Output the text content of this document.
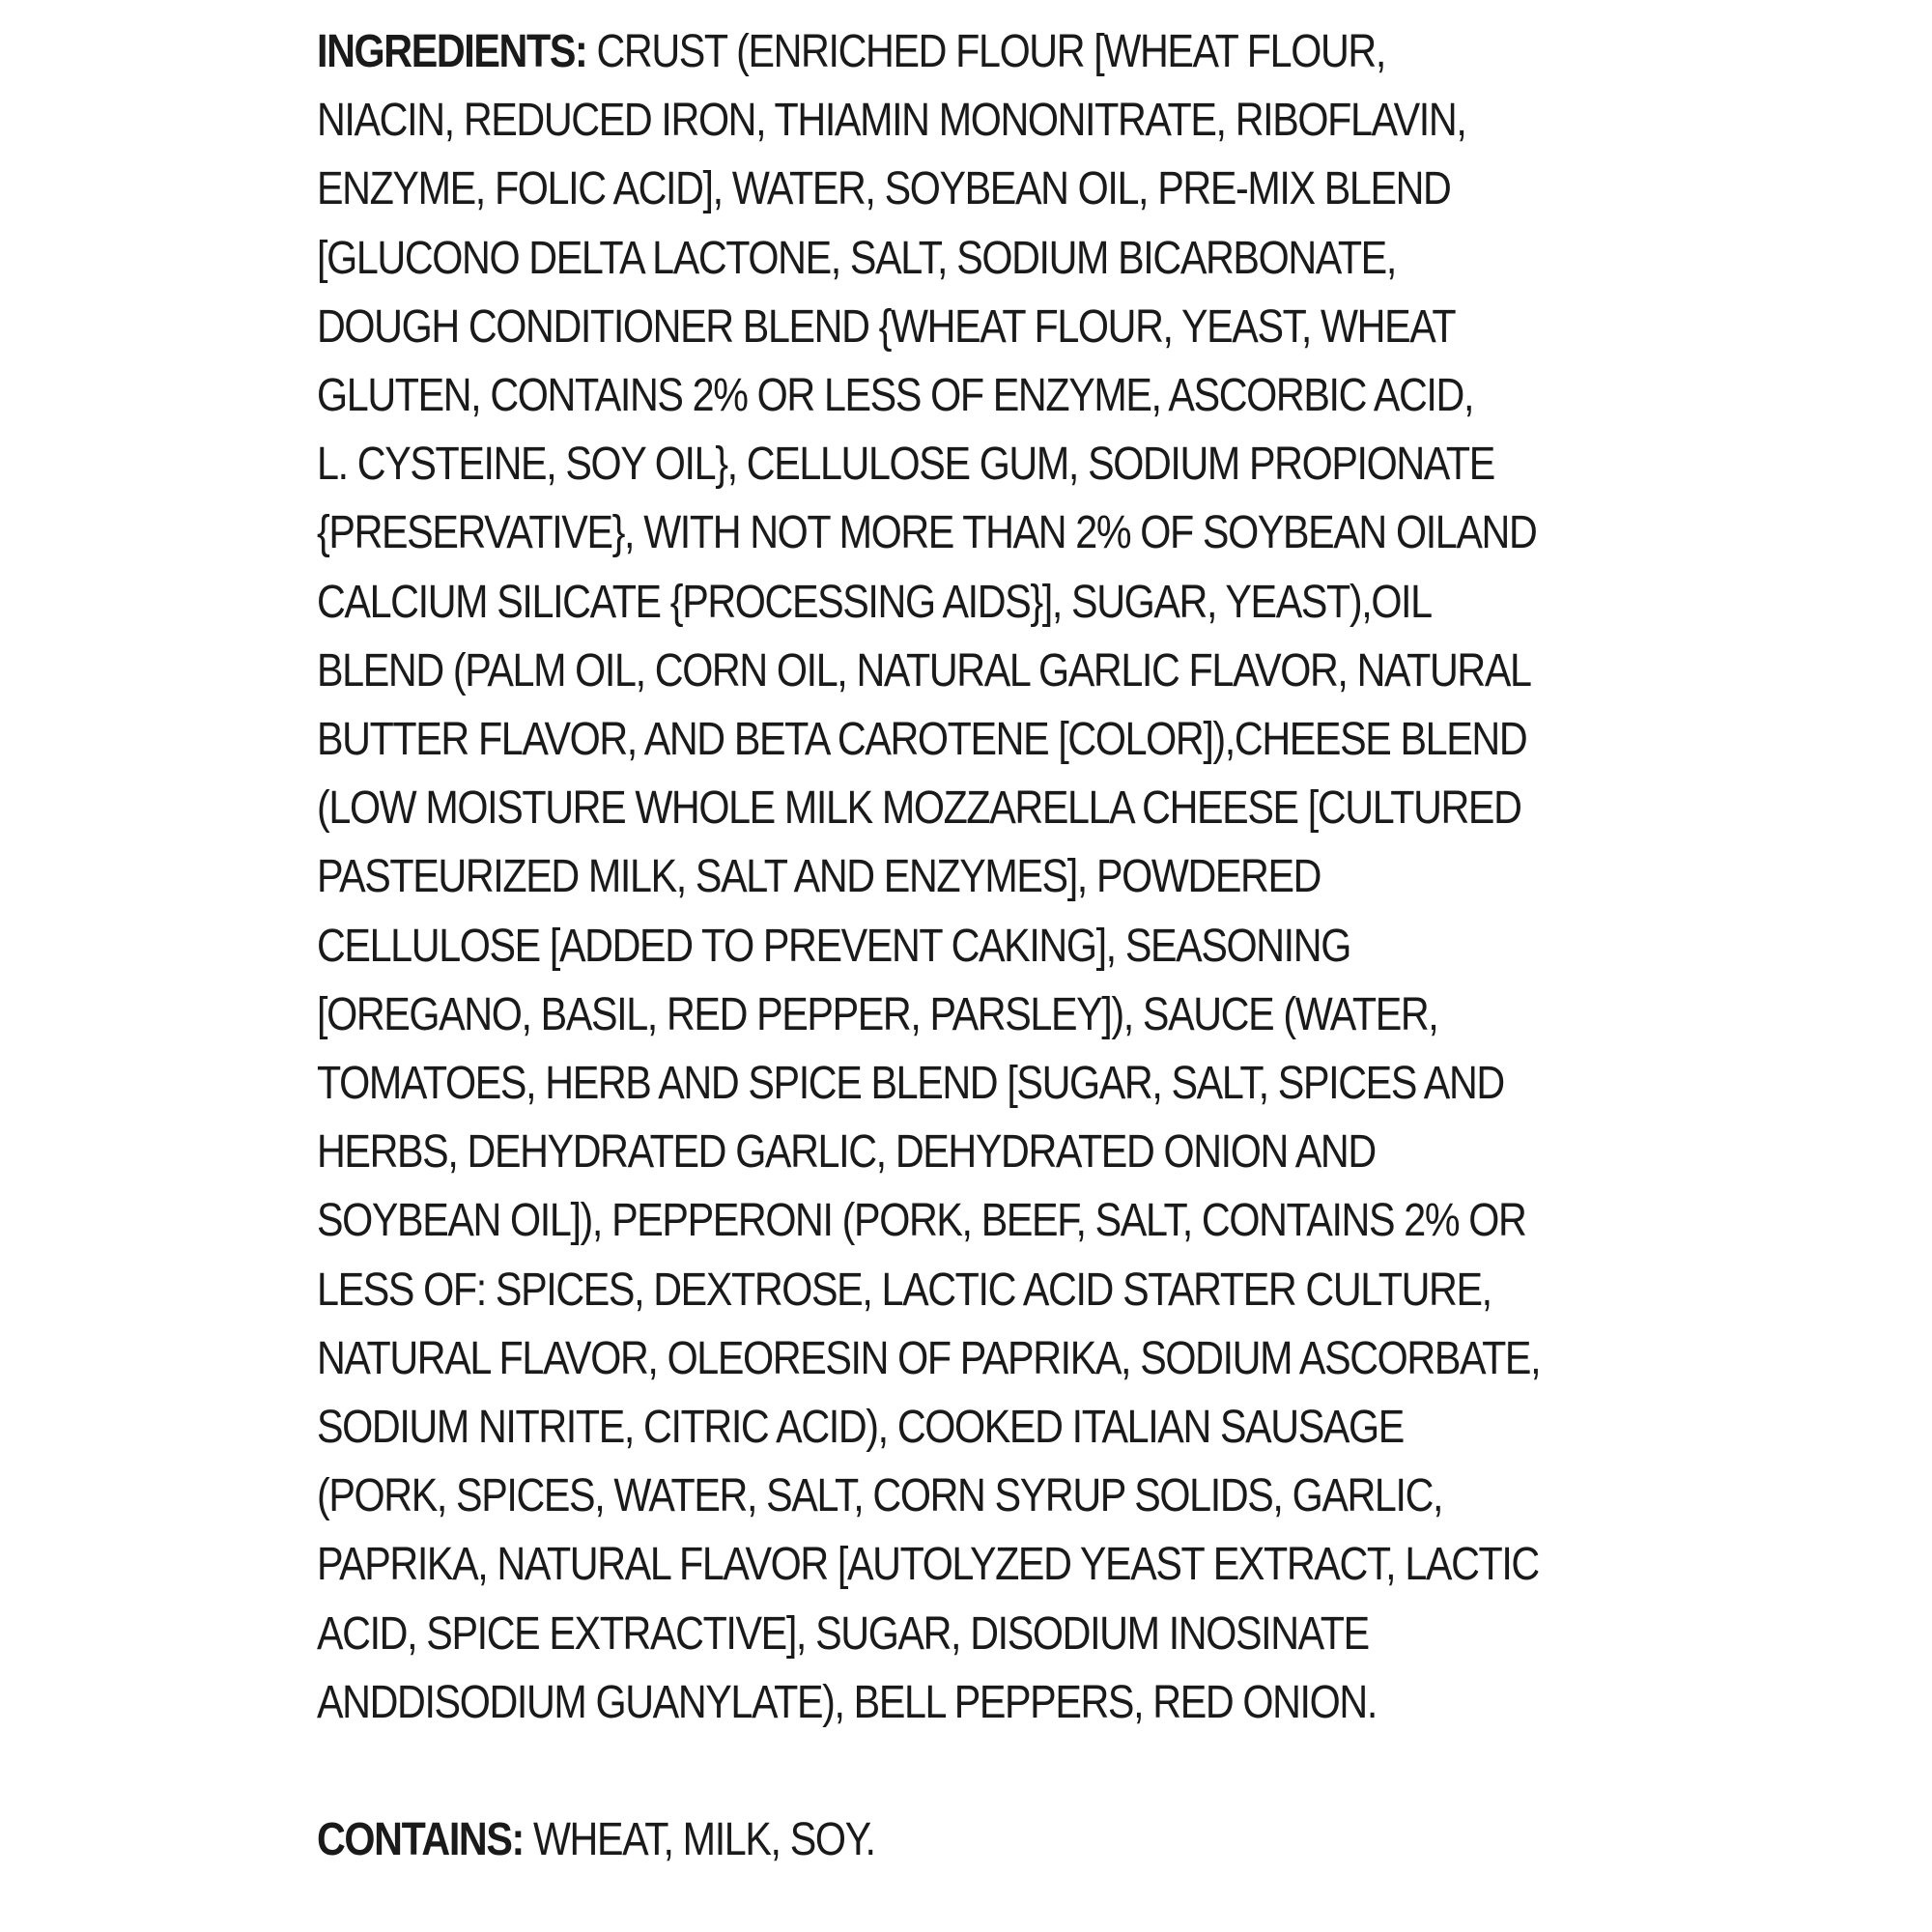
INGREDIENTS: CRUST (ENRICHED FLOUR [WHEAT FLOUR,
NIACIN, REDUCED IRON, THIAMIN MONONITRATE, RIBOFLAVIN,
ENZYME, FOLIC ACID], WATER, SOYBEAN OIL, PRE-MIX BLEND
[GLUCONO DELTA LACTONE, SALT, SODIUM BICARBONATE,
DOUGH CONDITIONER BLEND {WHEAT FLOUR, YEAST, WHEAT
GLUTEN, CONTAINS 2% OR LESS OF ENZYME, ASCORBIC ACID,
L. CYSTEINE, SOY OIL}, CELLULOSE GUM, SODIUM PROPIONATE
{PRESERVATIVE}, WITH NOT MORE THAN 2% OF SOYBEAN OILAND
CALCIUM SILICATE {PROCESSING AIDS}], SUGAR, YEAST),OIL
BLEND (PALM OIL, CORN OIL, NATURAL GARLIC FLAVOR, NATURAL
BUTTER FLAVOR, AND BETA CAROTENE [COLOR]),CHEESE BLEND
(LOW MOISTURE WHOLE MILK MOZZARELLA CHEESE [CULTURED
PASTEURIZED MILK, SALT AND ENZYMES], POWDERED
CELLULOSE [ADDED TO PREVENT CAKING], SEASONING
[OREGANO, BASIL, RED PEPPER, PARSLEY]), SAUCE (WATER,
TOMATOES, HERB AND SPICE BLEND [SUGAR, SALT, SPICES AND
HERBS, DEHYDRATED GARLIC, DEHYDRATED ONION AND
SOYBEAN OIL]), PEPPERONI (PORK, BEEF, SALT, CONTAINS 2% OR
LESS OF: SPICES, DEXTROSE, LACTIC ACID STARTER CULTURE,
NATURAL FLAVOR, OLEORESIN OF PAPRIKA, SODIUM ASCORBATE,
SODIUM NITRITE, CITRIC ACID), COOKED ITALIAN SAUSAGE
(PORK, SPICES, WATER, SALT, CORN SYRUP SOLIDS, GARLIC,
PAPRIKA, NATURAL FLAVOR [AUTOLYZED YEAST EXTRACT, LACTIC
ACID, SPICE EXTRACTIVE], SUGAR, DISODIUM INOSINATE
ANDDISODIUM GUANYLATE), BELL PEPPERS, RED ONION.
CONTAINS: WHEAT, MILK, SOY.
